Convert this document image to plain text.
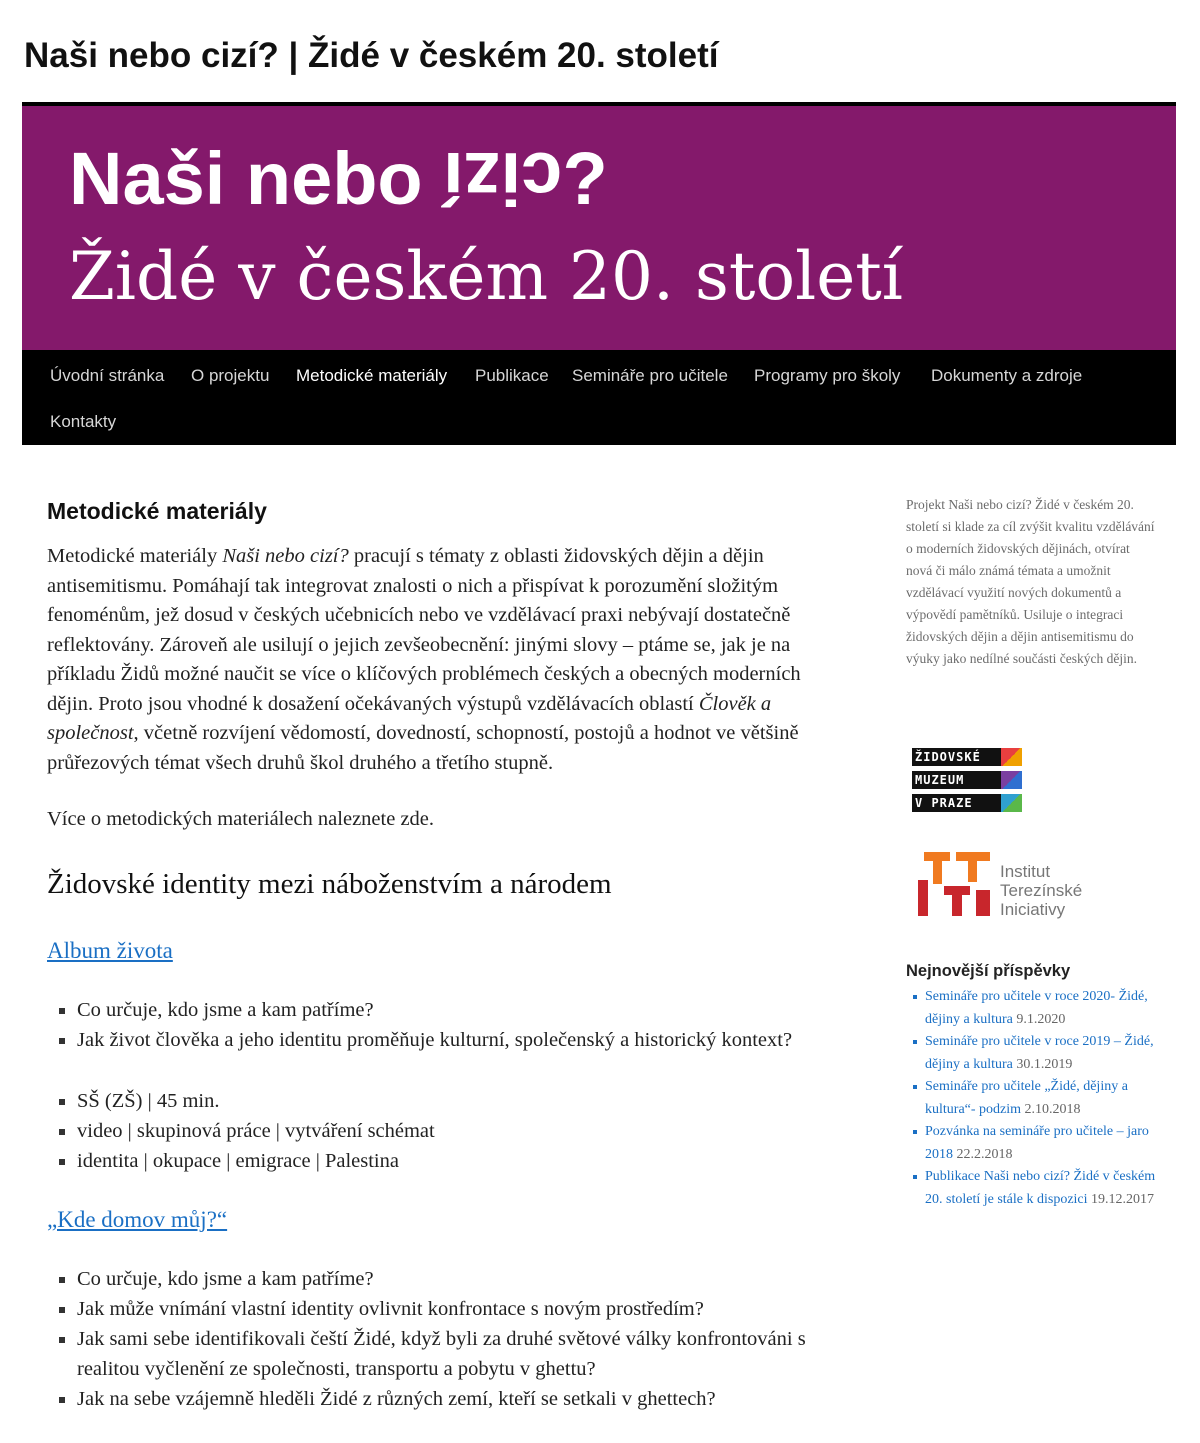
Naši nebo cizí? | Židé v českém 20. století
Naši nebo cizí?
Židé v českém 20. století
Úvodní stránka O projektu Metodické materiály Publikace Semináře pro učitele Programy pro školy Dokumenty a zdroje
Kontakty
Metodické materiály

Metodické materiály Naši nebo cizí? pracují s tématy z oblasti židovských dějin a dějin antisemitismu. Pomáhají tak integrovat znalosti o nich a přispívat k porozumění složitým fenoménům, jež dosud v českých učebnicích nebo ve vzdělávací praxi nebývají dostatečně reflektovány. Zároveň ale usilují o jejich zevšeobecnění: jinými slovy – ptáme se, jak je na příkladu Židů možné naučit se více o klíčových problémech českých a obecných moderních dějin. Proto jsou vhodné k dosažení očekávaných výstupů vzdělávacích oblastí Člověk a společnost, včetně rozvíjení vědomostí, dovedností, schopností, postojů a hodnot ve většině průřezových témat všech druhů škol druhého a třetího stupně.

Více o metodických materiálech naleznete zde.

Židovské identity mezi náboženstvím a národem
Album života
Co určuje, kdo jsme a kam patříme?
Jak život člověka a jeho identitu proměňuje kulturní, společenský a historický kontext?
SŠ (ZŠ) | 45 min.
video | skupinová práce | vytváření schémat
identita | okupace | emigrace | Palestina
„Kde domov můj?“
Co určuje, kdo jsme a kam patříme?
Jak může vnímání vlastní identity ovlivnit konfrontace s novým prostředím?
Jak sami sebe identifikovali čeští Židé, když byli za druhé světové války konfrontováni s realitou vyčlenění ze společnosti, transportu a pobytu v ghettu?
Jak na sebe vzájemně hleděli Židé z různých zemí, kteří se setkali v ghettech?

Projekt Naši nebo cizí? Židé v českém 20. století si klade za cíl zvýšit kvalitu vzdělávání o moderních židovských dějinách, otvírat nová či málo známá témata a umožnit vzdělávací využití nových dokumentů a výpovědí pamětníků. Usiluje o integraci židovských dějin a dějin antisemitismu do výuky jako nedílné součásti českých dějin.

ŽIDOVSKÉ
MUZEUM
V PRAZE
Institut
Terezínské
Iniciativy
Nejnovější příspěvky
Semináře pro učitele v roce 2020- Židé, dějiny a kultura 9.1.2020
Semináře pro učitele v roce 2019 – Židé, dějiny a kultura 30.1.2019
Semináře pro učitele „Židé, dějiny a kultura“- podzim 2.10.2018
Pozvánka na semináře pro učitele – jaro 2018 22.2.2018
Publikace Naši nebo cizí? Židé v českém 20. století je stále k dispozici 19.12.2017
